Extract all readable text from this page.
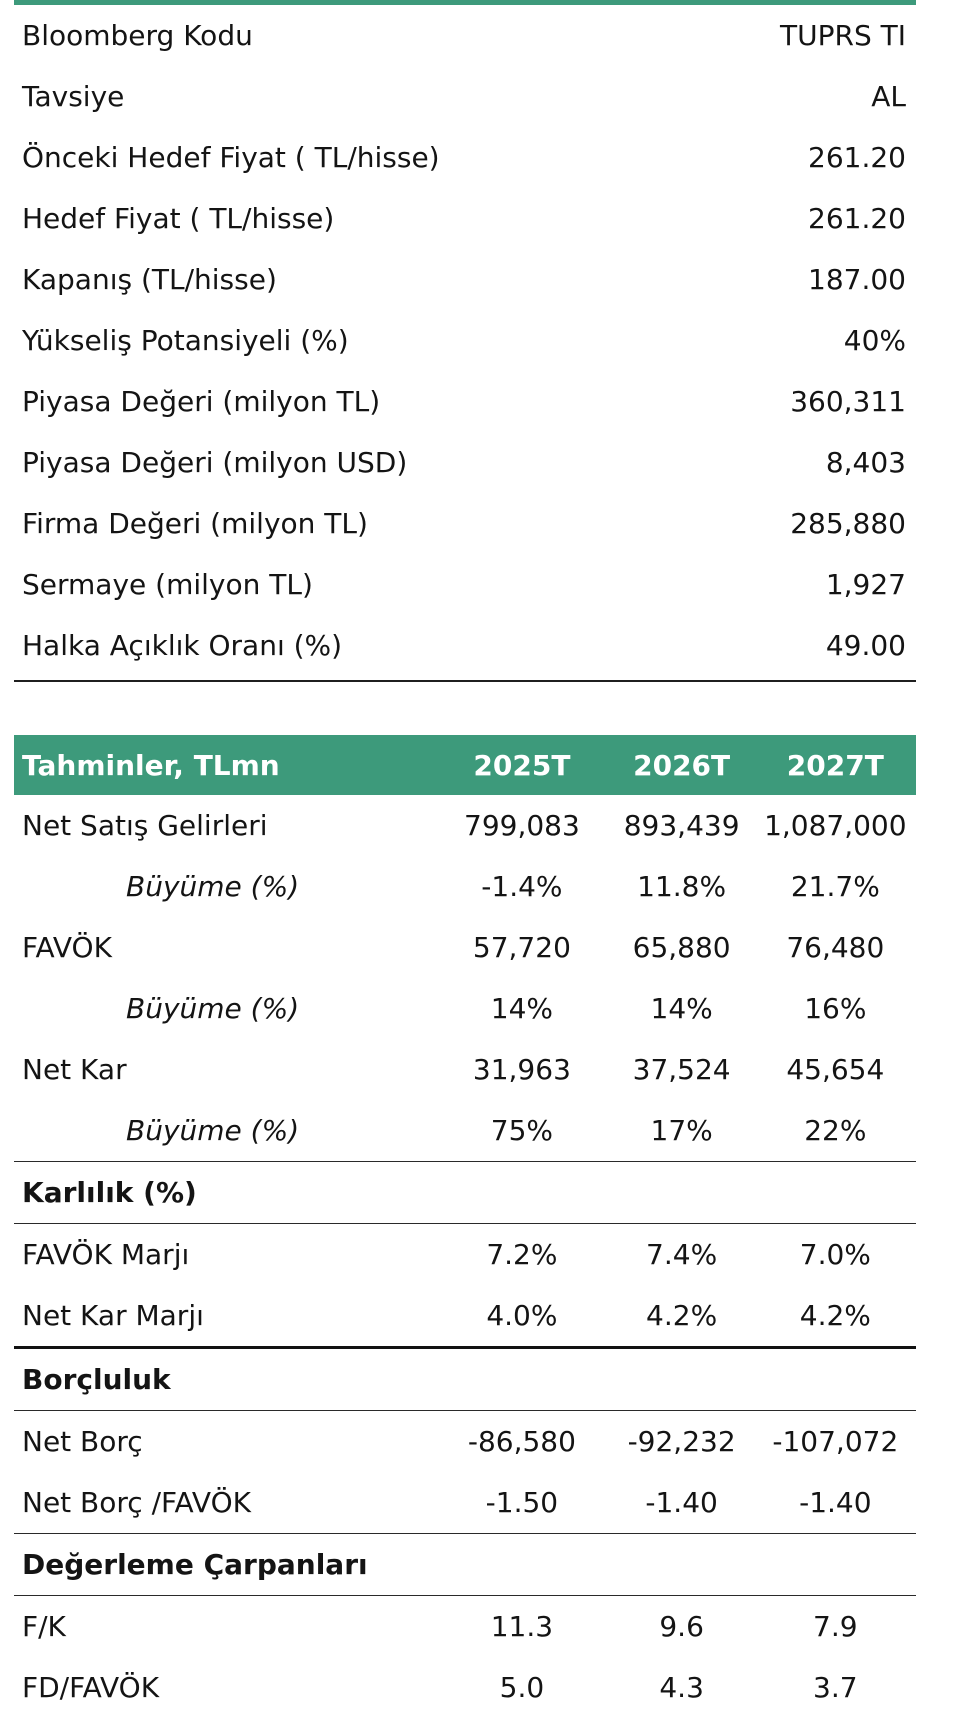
Bloomberg Kodu	TUPRS TI
Tavsiye	AL
Önceki Hedef Fiyat ( TL/hisse)	261.20
Hedef Fiyat ( TL/hisse)	261.20
Kapanış (TL/hisse)	187.00
Yükseliş Potansiyeli (%)	40%
Piyasa Değeri (milyon TL)	360,311
Piyasa Değeri (milyon USD)	8,403
Firma Değeri (milyon TL)	285,880
Sermaye (milyon TL)	1,927
Halka Açıklık Oranı (%)	49.00
Tahminler, TLmn	2025T	2026T	2027T
Net Satış Gelirleri	799,083	893,439	1,087,000
Büyüme (%)	-1.4%	11.8%	21.7%
FAVÖK	57,720	65,880	76,480
Büyüme (%)	14%	14%	16%
Net Kar	31,963	37,524	45,654
Büyüme (%)	75%	17%	22%
Karlılık (%)			
FAVÖK Marjı	7.2%	7.4%	7.0%
Net Kar Marjı	4.0%	4.2%	4.2%
Borçluluk			
Net Borç	-86,580	-92,232	-107,072
Net Borç /FAVÖK	-1.50	-1.40	-1.40
Değerleme Çarpanları			
F/K	11.3	9.6	7.9
FD/FAVÖK	5.0	4.3	3.7
